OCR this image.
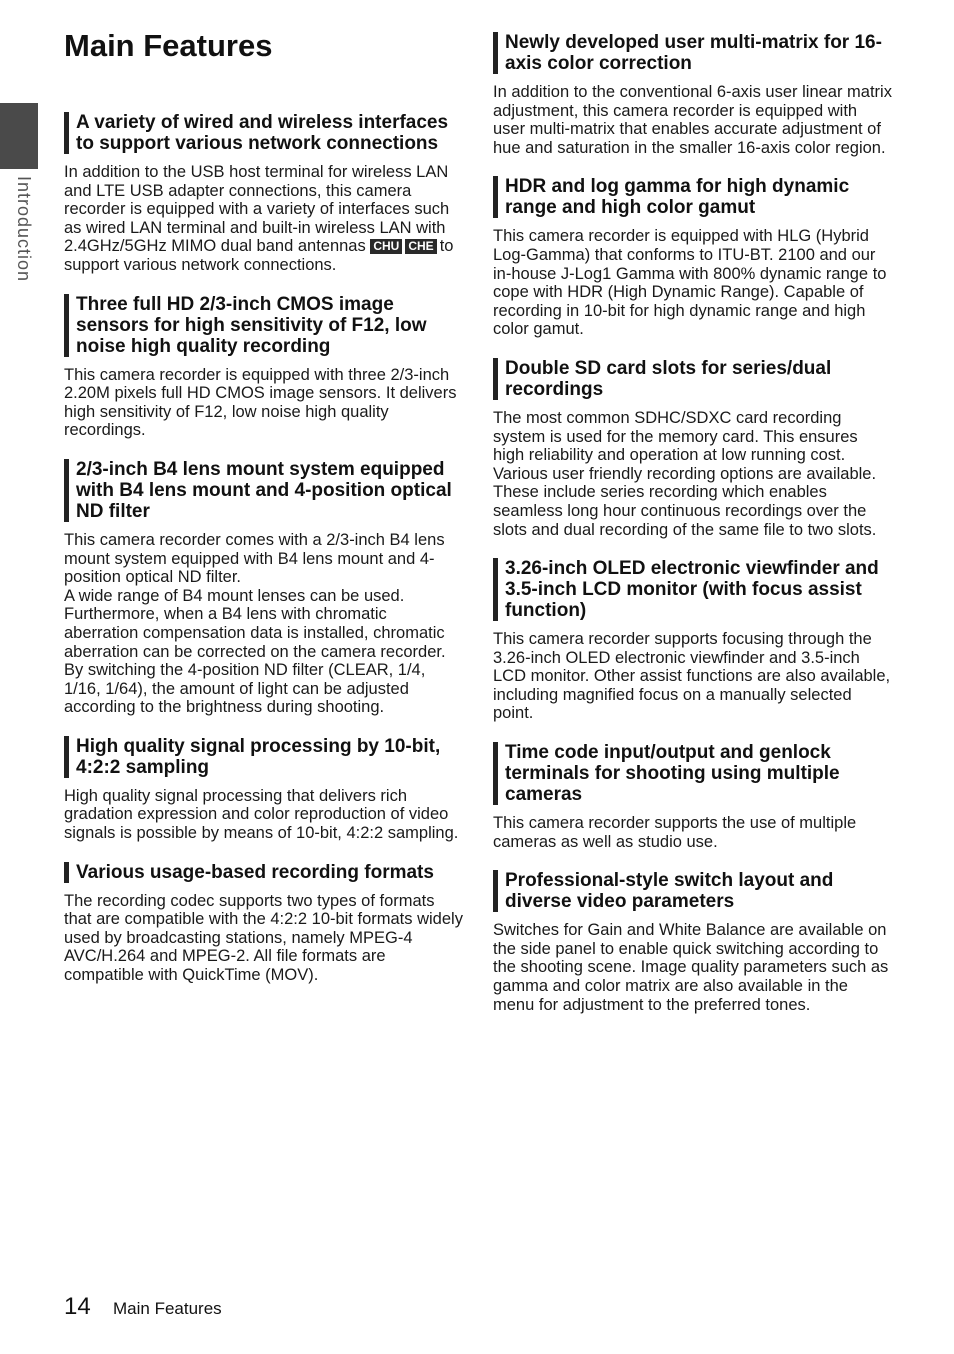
Introduction
Main Features
A variety of wired and wireless interfaces to support various network connections

In addition to the USB host terminal for wireless LAN and LTE USB adapter connections, this camera recorder is equipped with a variety of interfaces such as wired LAN terminal and built-in wireless LAN with 2.4GHz/5GHz MIMO dual band antennas CHU CHE to support various network connections.

Three full HD 2/3-inch CMOS image sensors for high sensitivity of F12, low noise high quality recording

This camera recorder is equipped with three 2/3-inch 2.20M pixels full HD CMOS image sensors. It delivers high sensitivity of F12, low noise high quality recordings.

2/3-inch B4 lens mount system equipped with B4 lens mount and 4-position optical ND filter

This camera recorder comes with a 2/3-inch B4 lens mount system equipped with B4 lens mount and 4-position optical ND filter.

A wide range of B4 mount lenses can be used. Furthermore, when a B4 lens with chromatic aberration compensation data is installed, chromatic aberration can be corrected on the camera recorder.

By switching the 4-position ND filter (CLEAR, 1/4, 1/16, 1/64), the amount of light can be adjusted according to the brightness during shooting.

High quality signal processing by 10-bit, 4:2:2 sampling

High quality signal processing that delivers rich gradation expression and color reproduction of video signals is possible by means of 10-bit, 4:2:2 sampling.

Various usage-based recording formats

The recording codec supports two types of formats that are compatible with the 4:2:2 10-bit formats widely used by broadcasting stations, namely MPEG-4 AVC/H.264 and MPEG-2. All file formats are compatible with QuickTime (MOV).

Newly developed user multi-matrix for 16-axis color correction

In addition to the conventional 6-axis user linear matrix adjustment, this camera recorder is equipped with user multi-matrix that enables accurate adjustment of hue and saturation in the smaller 16-axis color region.

HDR and log gamma for high dynamic range and high color gamut

This camera recorder is equipped with HLG (Hybrid Log-Gamma) that conforms to ITU-BT. 2100 and our in-house J-Log1 Gamma with 800% dynamic range to cope with HDR (High Dynamic Range). Capable of recording in 10-bit for high dynamic range and high color gamut.

Double SD card slots for series/dual recordings

The most common SDHC/SDXC card recording system is used for the memory card. This ensures high reliability and operation at low running cost. Various user friendly recording options are available. These include series recording which enables seamless long hour continuous recordings over the slots and dual recording of the same file to two slots.

3.26-inch OLED electronic viewfinder and 3.5-inch LCD monitor (with focus assist function)

This camera recorder supports focusing through the 3.26-inch OLED electronic viewfinder and 3.5-inch LCD monitor. Other assist functions are also available, including magnified focus on a manually selected point.

Time code input/output and genlock terminals for shooting using multiple cameras

This camera recorder supports the use of multiple cameras as well as studio use.

Professional-style switch layout and diverse video parameters

Switches for Gain and White Balance are available on the side panel to enable quick switching according to the shooting scene. Image quality parameters such as gamma and color matrix are also available in the menu for adjustment to the preferred tones.

14 Main Features
